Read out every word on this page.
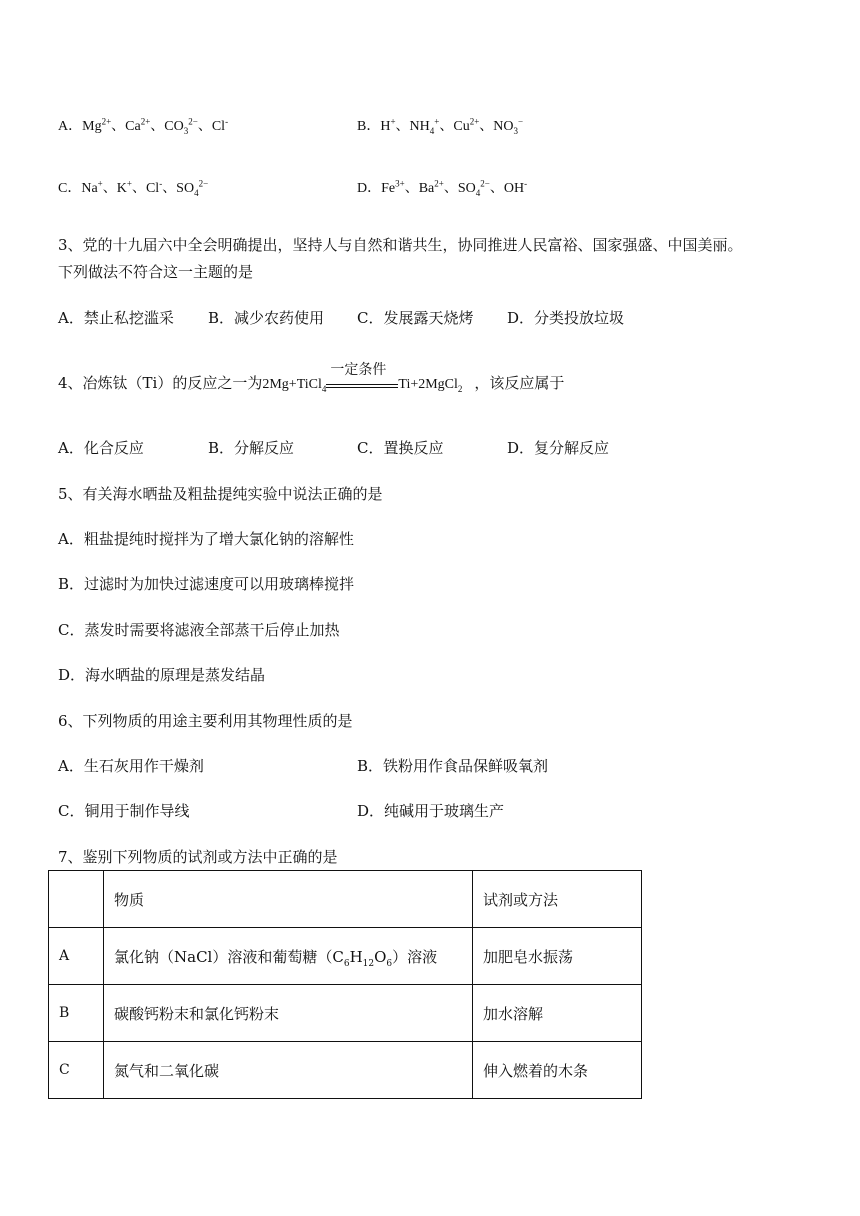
A．$Mg^{2+}$、$Ca^{2+}$、$CO_3^{2-}$、Cl-	B．H+、$NH_4^+$、$Cu^{2+}$、$NO_3^-$
C．Na+、K+、Cl-、$SO_4^{2-}$	D．$Fe^{3+}$、$Ba^{2+}$、$SO_4^{2-}$、OH-
3、党的十九届六中全会明确提出，坚持人与自然和谐共生，协同推进人民富裕、国家强盛、中国美丽。
下列做法不符合这一主题的是
A．禁止私挖滥采 B．减少农药使用 C．发展露天烧烤 D．分类投放垃圾
4、冶炼钛（Ti）的反应之一为2Mg+TiCl$_4$
一定条件
Ti+2MgCl$_2$ ，该反应属于
A．化合反应	B．分解反应	C．置换反应	D．复分解反应
5、有关海水晒盐及粗盐提纯实验中说法正确的是
A．粗盐提纯时搅拌为了增大氯化钠的溶解性
B．过滤时为加快过滤速度可以用玻璃棒搅拌
C．蒸发时需要将滤液全部蒸干后停止加热
D．海水晒盐的原理是蒸发结晶
6、下列物质的用途主要利用其物理性质的是
A．生石灰用作干燥剂	B．铁粉用作食品保鲜吸氧剂
C．铜用于制作导线	D．纯碱用于玻璃生产
7、鉴别下列物质的试剂或方法中正确的是
	物质	试剂或方法
A	氯化钠（NaCl）溶液和葡萄糖$(C_6H_{12}O_6)$溶液	加肥皂水振荡
B	碳酸钙粉末和氯化钙粉末	加水溶解
C	氮气和二氧化碳	伸入燃着的木条
